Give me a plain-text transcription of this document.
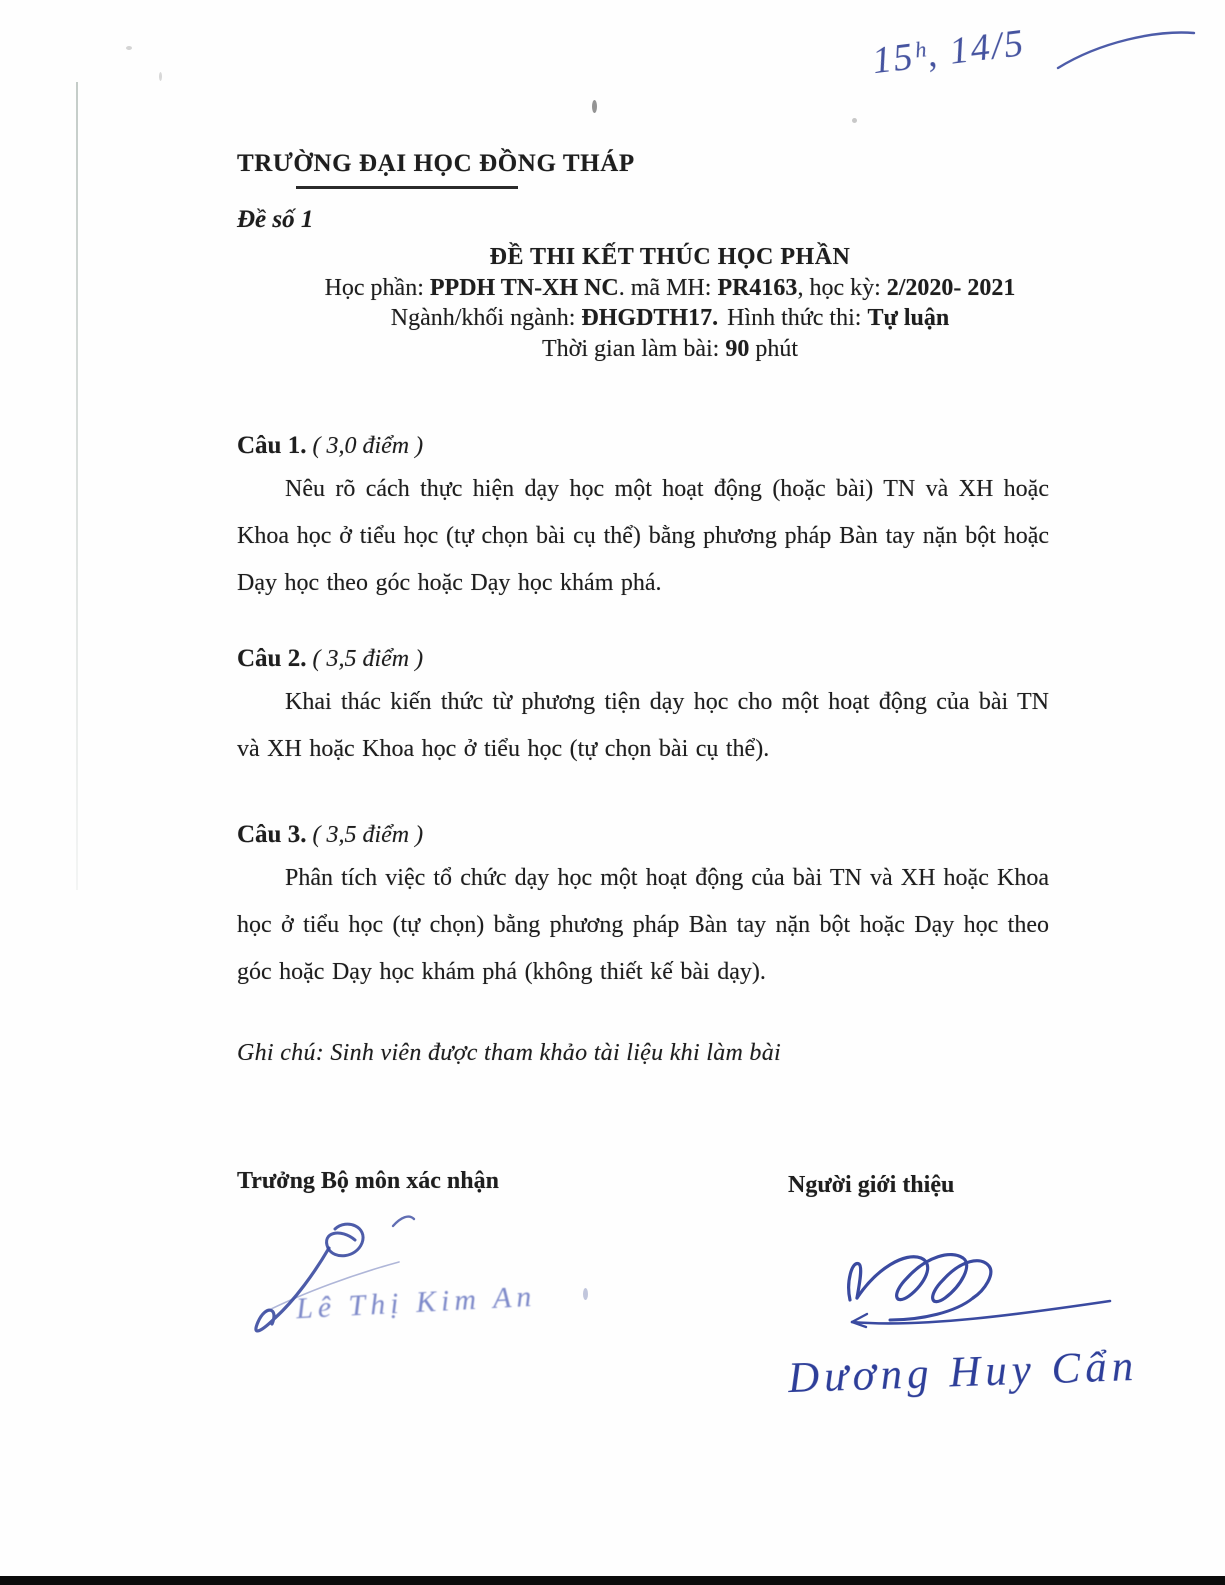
15ʰ, 14/5
TRƯỜNG ĐẠI HỌC ĐỒNG THÁP
Đề số 1
ĐỀ THI KẾT THÚC HỌC PHẦN
Học phần: PPDH TN-XH NC. mã MH: PR4163, học kỳ: 2/2020- 2021
Ngành/khối ngành: ĐHGDTH17. Hình thức thi: Tự luận
Thời gian làm bài: 90 phút
Câu 1. ( 3,0 điểm )
Nêu rõ cách thực hiện dạy học một hoạt động (hoặc bài) TN và XH hoặc Khoa học ở tiểu học (tự chọn bài cụ thể) bằng phương pháp Bàn tay nặn bột hoặc Dạy học theo góc hoặc Dạy học khám phá.
Câu 2. ( 3,5 điểm )
Khai thác kiến thức từ phương tiện dạy học cho một hoạt động của bài TN và XH hoặc Khoa học ở tiểu học (tự chọn bài cụ thể).
Câu 3. ( 3,5 điểm )
Phân tích việc tổ chức dạy học một hoạt động của bài TN và XH hoặc Khoa học ở tiểu học (tự chọn) bằng phương pháp Bàn tay nặn bột hoặc Dạy học theo góc hoặc Dạy học khám phá (không thiết kế bài dạy).
Ghi chú: Sinh viên được tham khảo tài liệu khi làm bài
Trưởng Bộ môn xác nhận	Người giới thiệu
Lê Thị Kim An
Dương Huy Cẩn
